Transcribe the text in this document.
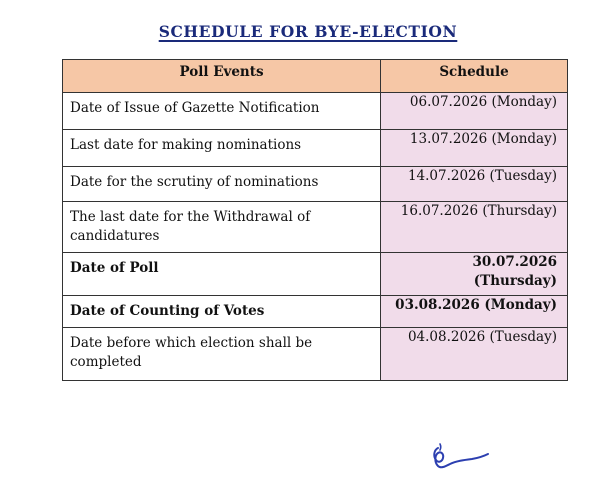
SCHEDULE FOR BYE-ELECTION
Poll Events	Schedule
Date of Issue of Gazette Notification	06.07.2026 (Monday)
Last date for making nominations	13.07.2026 (Monday)
Date for the scrutiny of nominations	14.07.2026 (Tuesday)
The last date for the Withdrawal of candidatures	16.07.2026 (Thursday)
Date of Poll	30.07.2026 (Thursday)
Date of Counting of Votes	03.08.2026 (Monday)
Date before which election shall be completed	04.08.2026 (Tuesday)
